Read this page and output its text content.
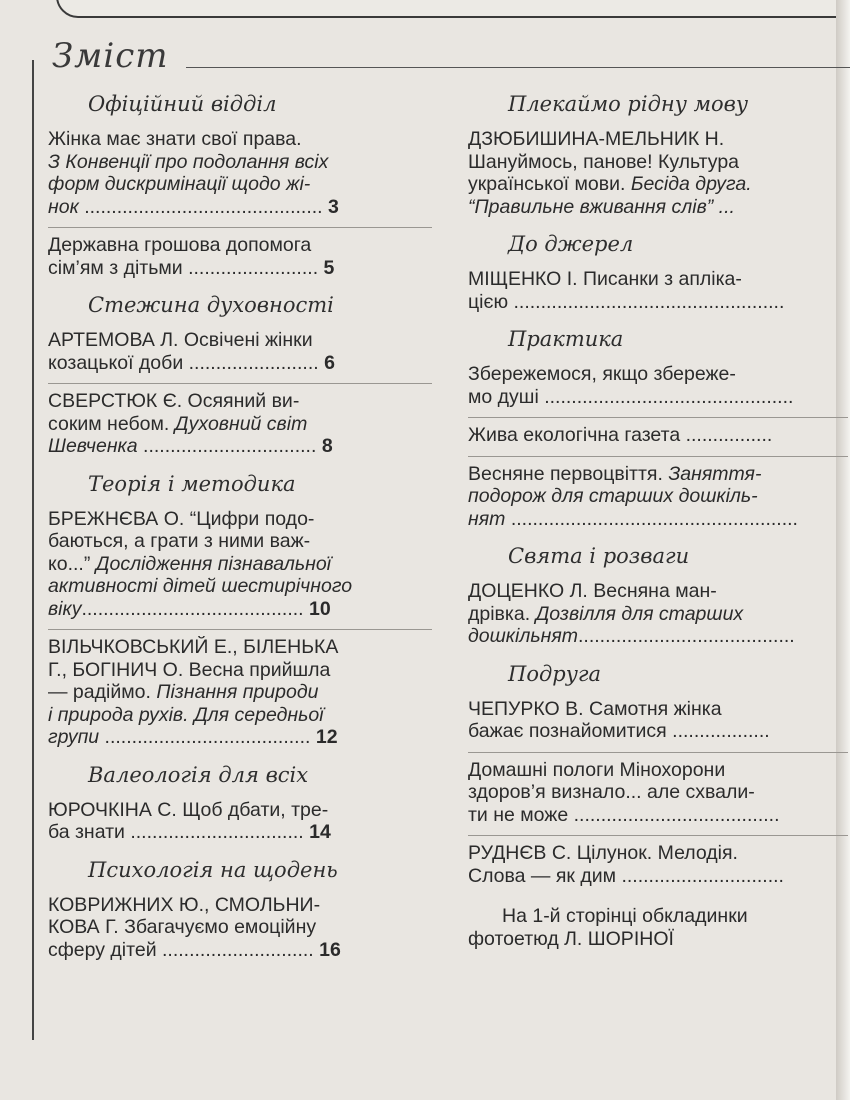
Зміст
Офіційний відділ
Жінка має знати свої права.
З Конвенції про подолання всіх
форм дискримінації щодо жі-
нок ............................................ 3
Державна грошова допомога
сім’ям з дітьми ........................ 5
Стежина духовності
АРТЕМОВА Л. Освічені жінки
козацької доби ........................ 6
СВЕРСТЮК Є. Осяяний ви-
соким небом. Духовний світ
Шевченка ................................ 8
Теорія і методика
БРЕЖНЄВА О. “Цифри подо-
баються, а грати з ними важ-
ко...” Дослідження пізнавальної
активності дітей шестирічного
віку......................................... 10
ВІЛЬЧКОВСЬКИЙ Е., БІЛЕНЬКА
Г., БОГІНИЧ О. Весна прийшла
— радіймо. Пізнання природи
і природа рухів. Для середньої
групи ...................................... 12
Валеологія для всіх
ЮРОЧКІНА С. Щоб дбати, тре-
ба знати ................................ 14
Психологія на щодень
КОВРИЖНИХ Ю., СМОЛЬНИ-
КОВА Г. Збагачуємо емоційну
сферу дітей ............................ 16
Плекаймо рідну мову
ДЗЮБИШИНА-МЕЛЬНИК Н.
Шануймось, панове! Культура
української мови. Бесіда друга.
“Правильне вживання слів” ...
До джерел
МІЩЕНКО І. Писанки з апліка-
цією ..................................................
Практика
Збережемося, якщо збереже-
мо душі ..............................................
Жива екологічна газета ................
Весняне первоцвіття. Заняття-
подорож для старших дошкіль-
нят .....................................................
Свята і розваги
ДОЦЕНКО Л. Весняна ман-
дрівка. Дозвілля для старших
дошкільнят........................................
Подруга
ЧЕПУРКО В. Самотня жінка
бажає познайомитися ..................
Домашні пологи Мінохорони
здоров’я визнало... але схвали-
ти не може ......................................
РУДНЄВ С. Цілунок. Мелодія.
Слова — як дим ..............................
На 1-й сторінці обкладинки
фотоетюд Л. ШОРІНОЇ
